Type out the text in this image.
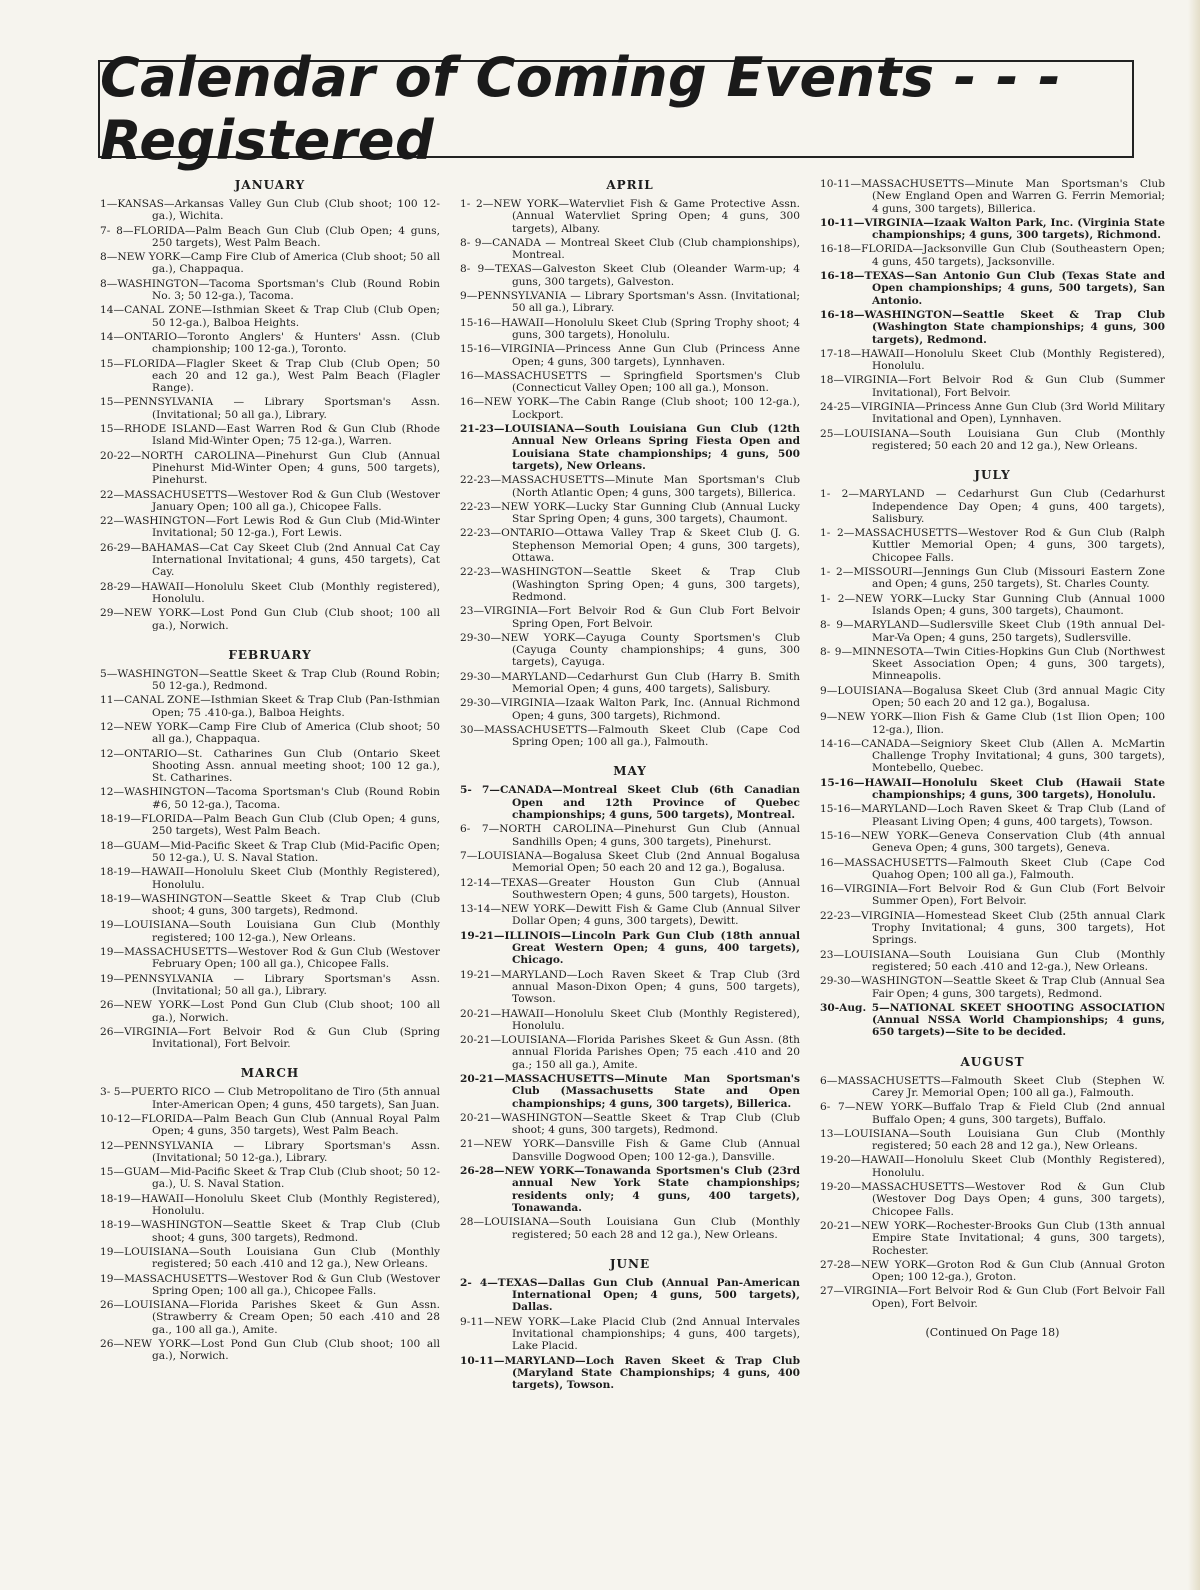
Calendar of Coming Events - - - Registered
JANUARY
1—KANSAS—Arkansas Valley Gun Club (Club shoot; 100 12-ga.), Wichita.
7- 8—FLORIDA—Palm Beach Gun Club (Club Open; 4 guns, 250 targets), West Palm Beach.
8—NEW YORK—Camp Fire Club of America (Club shoot; 50 all ga.), Chappaqua.
8—WASHINGTON—Tacoma Sportsman's Club (Round Robin No. 3; 50 12-ga.), Tacoma.
14—CANAL ZONE—Isthmian Skeet & Trap Club (Club Open; 50 12-ga.), Balboa Heights.
14—ONTARIO—Toronto Anglers' & Hunters' Assn. (Club championship; 100 12-ga.), Toronto.
15—FLORIDA—Flagler Skeet & Trap Club (Club Open; 50 each 20 and 12 ga.), West Palm Beach (Flagler Range).
15—PENNSYLVANIA — Library Sportsman's Assn. (Invitational; 50 all ga.), Library.
15—RHODE ISLAND—East Warren Rod & Gun Club (Rhode Island Mid-Winter Open; 75 12-ga.), Warren.
20-22—NORTH CAROLINA—Pinehurst Gun Club (Annual Pinehurst Mid-Winter Open; 4 guns, 500 targets), Pinehurst.
22—MASSACHUSETTS—Westover Rod & Gun Club (Westover January Open; 100 all ga.), Chicopee Falls.
22—WASHINGTON—Fort Lewis Rod & Gun Club (Mid-Winter Invitational; 50 12-ga.), Fort Lewis.
26-29—BAHAMAS—Cat Cay Skeet Club (2nd Annual Cat Cay International Invitational; 4 guns, 450 targets), Cat Cay.
28-29—HAWAII—Honolulu Skeet Club (Monthly registered), Honolulu.
29—NEW YORK—Lost Pond Gun Club (Club shoot; 100 all ga.), Norwich.
FEBRUARY
5—WASHINGTON—Seattle Skeet & Trap Club (Round Robin; 50 12-ga.), Redmond.
11—CANAL ZONE—Isthmian Skeet & Trap Club (Pan-Isthmian Open; 75 .410-ga.), Balboa Heights.
12—NEW YORK—Camp Fire Club of America (Club shoot; 50 all ga.), Chappaqua.
12—ONTARIO—St. Catharines Gun Club (Ontario Skeet Shooting Assn. annual meeting shoot; 100 12 ga.), St. Catharines.
12—WASHINGTON—Tacoma Sportsman's Club (Round Robin #6, 50 12-ga.), Tacoma.
18-19—FLORIDA—Palm Beach Gun Club (Club Open; 4 guns, 250 targets), West Palm Beach.
18—GUAM—Mid-Pacific Skeet & Trap Club (Mid-Pacific Open; 50 12-ga.), U. S. Naval Station.
18-19—HAWAII—Honolulu Skeet Club (Monthly Registered), Honolulu.
18-19—WASHINGTON—Seattle Skeet & Trap Club (Club shoot; 4 guns, 300 targets), Redmond.
19—LOUISIANA—South Louisiana Gun Club (Monthly registered; 100 12-ga.), New Orleans.
19—MASSACHUSETTS—Westover Rod & Gun Club (Westover February Open; 100 all ga.), Chicopee Falls.
19—PENNSYLVANIA — Library Sportsman's Assn. (Invitational; 50 all ga.), Library.
26—NEW YORK—Lost Pond Gun Club (Club shoot; 100 all ga.), Norwich.
26—VIRGINIA—Fort Belvoir Rod & Gun Club (Spring Invitational), Fort Belvoir.
MARCH
3- 5—PUERTO RICO — Club Metropolitano de Tiro (5th annual Inter-American Open; 4 guns, 450 targets), San Juan.
10-12—FLORIDA—Palm Beach Gun Club (Annual Royal Palm Open; 4 guns, 350 targets), West Palm Beach.
12—PENNSYLVANIA — Library Sportsman's Assn. (Invitational; 50 12-ga.), Library.
15—GUAM—Mid-Pacific Skeet & Trap Club (Club shoot; 50 12-ga.), U. S. Naval Station.
18-19—HAWAII—Honolulu Skeet Club (Monthly Registered), Honolulu.
18-19—WASHINGTON—Seattle Skeet & Trap Club (Club shoot; 4 guns, 300 targets), Redmond.
19—LOUISIANA—South Louisiana Gun Club (Monthly registered; 50 each .410 and 12 ga.), New Orleans.
19—MASSACHUSETTS—Westover Rod & Gun Club (Westover Spring Open; 100 all ga.), Chicopee Falls.
26—LOUISIANA—Florida Parishes Skeet & Gun Assn. (Strawberry & Cream Open; 50 each .410 and 28 ga., 100 all ga.), Amite.
26—NEW YORK—Lost Pond Gun Club (Club shoot; 100 all ga.), Norwich.
APRIL
1- 2—NEW YORK—Watervliet Fish & Game Protective Assn. (Annual Watervliet Spring Open; 4 guns, 300 targets), Albany.
8- 9—CANADA — Montreal Skeet Club (Club championships), Montreal.
8- 9—TEXAS—Galveston Skeet Club (Oleander Warm-up; 4 guns, 300 targets), Galveston.
9—PENNSYLVANIA — Library Sportsman's Assn. (Invitational; 50 all ga.), Library.
15-16—HAWAII—Honolulu Skeet Club (Spring Trophy shoot; 4 guns, 300 targets), Honolulu.
15-16—VIRGINIA—Princess Anne Gun Club (Princess Anne Open; 4 guns, 300 targets), Lynnhaven.
16—MASSACHUSETTS — Springfield Sportsmen's Club (Connecticut Valley Open; 100 all ga.), Monson.
16—NEW YORK—The Cabin Range (Club shoot; 100 12-ga.), Lockport.
21-23—LOUISIANA—South Louisiana Gun Club (12th Annual New Orleans Spring Fiesta Open and Louisiana State championships; 4 guns, 500 targets), New Orleans.
22-23—MASSACHUSETTS—Minute Man Sportsman's Club (North Atlantic Open; 4 guns, 300 targets), Billerica.
22-23—NEW YORK—Lucky Star Gunning Club (Annual Lucky Star Spring Open; 4 guns, 300 targets), Chaumont.
22-23—ONTARIO—Ottawa Valley Trap & Skeet Club (J. G. Stephenson Memorial Open; 4 guns, 300 targets), Ottawa.
22-23—WASHINGTON—Seattle Skeet & Trap Club (Washington Spring Open; 4 guns, 300 targets), Redmond.
23—VIRGINIA—Fort Belvoir Rod & Gun Club Fort Belvoir Spring Open, Fort Belvoir.
29-30—NEW YORK—Cayuga County Sportsmen's Club (Cayuga County championships; 4 guns, 300 targets), Cayuga.
29-30—MARYLAND—Cedarhurst Gun Club (Harry B. Smith Memorial Open; 4 guns, 400 targets), Salisbury.
29-30—VIRGINIA—Izaak Walton Park, Inc. (Annual Richmond Open; 4 guns, 300 targets), Richmond.
30—MASSACHUSETTS—Falmouth Skeet Club (Cape Cod Spring Open; 100 all ga.), Falmouth.
MAY
5- 7—CANADA—Montreal Skeet Club (6th Canadian Open and 12th Province of Quebec championships; 4 guns, 500 targets), Montreal.
6- 7—NORTH CAROLINA—Pinehurst Gun Club (Annual Sandhills Open; 4 guns, 300 targets), Pinehurst.
7—LOUISIANA—Bogalusa Skeet Club (2nd Annual Bogalusa Memorial Open; 50 each 20 and 12 ga.), Bogalusa.
12-14—TEXAS—Greater Houston Gun Club (Annual Southwestern Open; 4 guns, 500 targets), Houston.
13-14—NEW YORK—Dewitt Fish & Game Club (Annual Silver Dollar Open; 4 guns, 300 targets), Dewitt.
19-21—ILLINOIS—Lincoln Park Gun Club (18th annual Great Western Open; 4 guns, 400 targets), Chicago.
19-21—MARYLAND—Loch Raven Skeet & Trap Club (3rd annual Mason-Dixon Open; 4 guns, 500 targets), Towson.
20-21—HAWAII—Honolulu Skeet Club (Monthly Registered), Honolulu.
20-21—LOUISIANA—Florida Parishes Skeet & Gun Assn. (8th annual Florida Parishes Open; 75 each .410 and 20 ga.; 150 all ga.), Amite.
20-21—MASSACHUSETTS—Minute Man Sportsman's Club (Massachusetts State and Open championships; 4 guns, 300 targets), Billerica.
20-21—WASHINGTON—Seattle Skeet & Trap Club (Club shoot; 4 guns, 300 targets), Redmond.
21—NEW YORK—Dansville Fish & Game Club (Annual Dansville Dogwood Open; 100 12-ga.), Dansville.
26-28—NEW YORK—Tonawanda Sportsmen's Club (23rd annual New York State championships; residents only; 4 guns, 400 targets), Tonawanda.
28—LOUISIANA—South Louisiana Gun Club (Monthly registered; 50 each 28 and 12 ga.), New Orleans.
JUNE
2- 4—TEXAS—Dallas Gun Club (Annual Pan-American International Open; 4 guns, 500 targets), Dallas.
9-11—NEW YORK—Lake Placid Club (2nd Annual Intervales Invitational championships; 4 guns, 400 targets), Lake Placid.
10-11—MARYLAND—Loch Raven Skeet & Trap Club (Maryland State Championships; 4 guns, 400 targets), Towson.
10-11—MASSACHUSETTS—Minute Man Sportsman's Club (New England Open and Warren G. Ferrin Memorial; 4 guns, 300 targets), Billerica.
10-11—VIRGINIA—Izaak Walton Park, Inc. (Virginia State championships; 4 guns, 300 targets), Richmond.
16-18—FLORIDA—Jacksonville Gun Club (Southeastern Open; 4 guns, 450 targets), Jacksonville.
16-18—TEXAS—San Antonio Gun Club (Texas State and Open championships; 4 guns, 500 targets), San Antonio.
16-18—WASHINGTON—Seattle Skeet & Trap Club (Washington State championships; 4 guns, 300 targets), Redmond.
17-18—HAWAII—Honolulu Skeet Club (Monthly Registered), Honolulu.
18—VIRGINIA—Fort Belvoir Rod & Gun Club (Summer Invitational), Fort Belvoir.
24-25—VIRGINIA—Princess Anne Gun Club (3rd World Military Invitational and Open), Lynnhaven.
25—LOUISIANA—South Louisiana Gun Club (Monthly registered; 50 each 20 and 12 ga.), New Orleans.
JULY
1- 2—MARYLAND — Cedarhurst Gun Club (Cedarhurst Independence Day Open; 4 guns, 400 targets), Salisbury.
1- 2—MASSACHUSETTS—Westover Rod & Gun Club (Ralph Kuttler Memorial Open; 4 guns, 300 targets), Chicopee Falls.
1- 2—MISSOURI—Jennings Gun Club (Missouri Eastern Zone and Open; 4 guns, 250 targets), St. Charles County.
1- 2—NEW YORK—Lucky Star Gunning Club (Annual 1000 Islands Open; 4 guns, 300 targets), Chaumont.
8- 9—MARYLAND—Sudlersville Skeet Club (19th annual Del-Mar-Va Open; 4 guns, 250 targets), Sudlersville.
8- 9—MINNESOTA—Twin Cities-Hopkins Gun Club (Northwest Skeet Association Open; 4 guns, 300 targets), Minneapolis.
9—LOUISIANA—Bogalusa Skeet Club (3rd annual Magic City Open; 50 each 20 and 12 ga.), Bogalusa.
9—NEW YORK—Ilion Fish & Game Club (1st Ilion Open; 100 12-ga.), Ilion.
14-16—CANADA—Seigniory Skeet Club (Allen A. McMartin Challenge Trophy Invitational; 4 guns, 300 targets), Montebello, Quebec.
15-16—HAWAII—Honolulu Skeet Club (Hawaii State championships; 4 guns, 300 targets), Honolulu.
15-16—MARYLAND—Loch Raven Skeet & Trap Club (Land of Pleasant Living Open; 4 guns, 400 targets), Towson.
15-16—NEW YORK—Geneva Conservation Club (4th annual Geneva Open; 4 guns, 300 targets), Geneva.
16—MASSACHUSETTS—Falmouth Skeet Club (Cape Cod Quahog Open; 100 all ga.), Falmouth.
16—VIRGINIA—Fort Belvoir Rod & Gun Club (Fort Belvoir Summer Open), Fort Belvoir.
22-23—VIRGINIA—Homestead Skeet Club (25th annual Clark Trophy Invitational; 4 guns, 300 targets), Hot Springs.
23—LOUISIANA—South Louisiana Gun Club (Monthly registered; 50 each .410 and 12-ga.), New Orleans.
29-30—WASHINGTON—Seattle Skeet & Trap Club (Annual Sea Fair Open; 4 guns, 300 targets), Redmond.
30-Aug. 5—NATIONAL SKEET SHOOTING ASSOCIATION (Annual NSSA World Championships; 4 guns, 650 targets)—Site to be decided.
AUGUST
6—MASSACHUSETTS—Falmouth Skeet Club (Stephen W. Carey Jr. Memorial Open; 100 all ga.), Falmouth.
6- 7—NEW YORK—Buffalo Trap & Field Club (2nd annual Buffalo Open; 4 guns, 300 targets), Buffalo.
13—LOUISIANA—South Louisiana Gun Club (Monthly registered; 50 each 28 and 12 ga.), New Orleans.
19-20—HAWAII—Honolulu Skeet Club (Monthly Registered), Honolulu.
19-20—MASSACHUSETTS—Westover Rod & Gun Club (Westover Dog Days Open; 4 guns, 300 targets), Chicopee Falls.
20-21—NEW YORK—Rochester-Brooks Gun Club (13th annual Empire State Invitational; 4 guns, 300 targets), Rochester.
27-28—NEW YORK—Groton Rod & Gun Club (Annual Groton Open; 100 12-ga.), Groton.
27—VIRGINIA—Fort Belvoir Rod & Gun Club (Fort Belvoir Fall Open), Fort Belvoir.
(Continued On Page 18)
